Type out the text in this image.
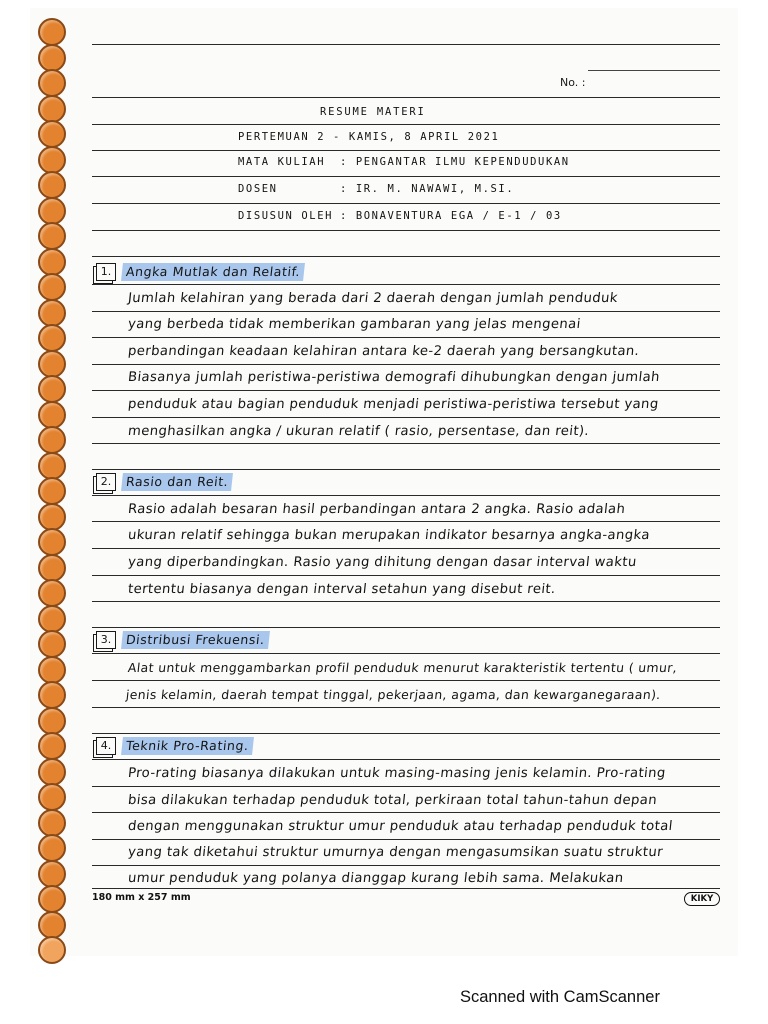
No. :
RESUME MATERI
PERTEMUAN 2 - KAMIS, 8 APRIL 2021
MATA KULIAH : PENGANTAR ILMU KEPENDUDUKAN
DOSEN	: IR. M. NAWAWI, M.SI.
DISUSUN OLEH : BONAVENTURA EGA / E-1 / 03
1.	Angka Mutlak dan Relatif.
Jumlah kelahiran yang berada dari 2 daerah dengan jumlah penduduk
yang berbeda tidak memberikan gambaran yang jelas mengenai
perbandingan keadaan kelahiran antara ke-2 daerah yang bersangkutan.
Biasanya jumlah peristiwa-peristiwa demografi dihubungkan dengan jumlah
penduduk atau bagian penduduk menjadi peristiwa-peristiwa tersebut yang
menghasilkan angka / ukuran relatif ( rasio, persentase, dan reit).
2.	Rasio dan Reit.
Rasio adalah besaran hasil perbandingan antara 2 angka. Rasio adalah
ukuran relatif sehingga bukan merupakan indikator besarnya angka-angka
yang diperbandingkan. Rasio yang dihitung dengan dasar interval waktu
tertentu biasanya dengan interval setahun yang disebut reit.
3.	Distribusi Frekuensi.
Alat untuk menggambarkan profil penduduk menurut karakteristik tertentu ( umur,
jenis kelamin, daerah tempat tinggal, pekerjaan, agama, dan kewarganegaraan).
4.	Teknik Pro-Rating.
Pro-rating biasanya dilakukan untuk masing-masing jenis kelamin. Pro-rating
bisa dilakukan terhadap penduduk total, perkiraan total tahun-tahun depan
dengan menggunakan struktur umur penduduk atau terhadap penduduk total
yang tak diketahui struktur umurnya dengan mengasumsikan suatu struktur
umur penduduk yang polanya dianggap kurang lebih sama. Melakukan
180 mm x 257 mm	KIKY
Scanned with CamScanner
